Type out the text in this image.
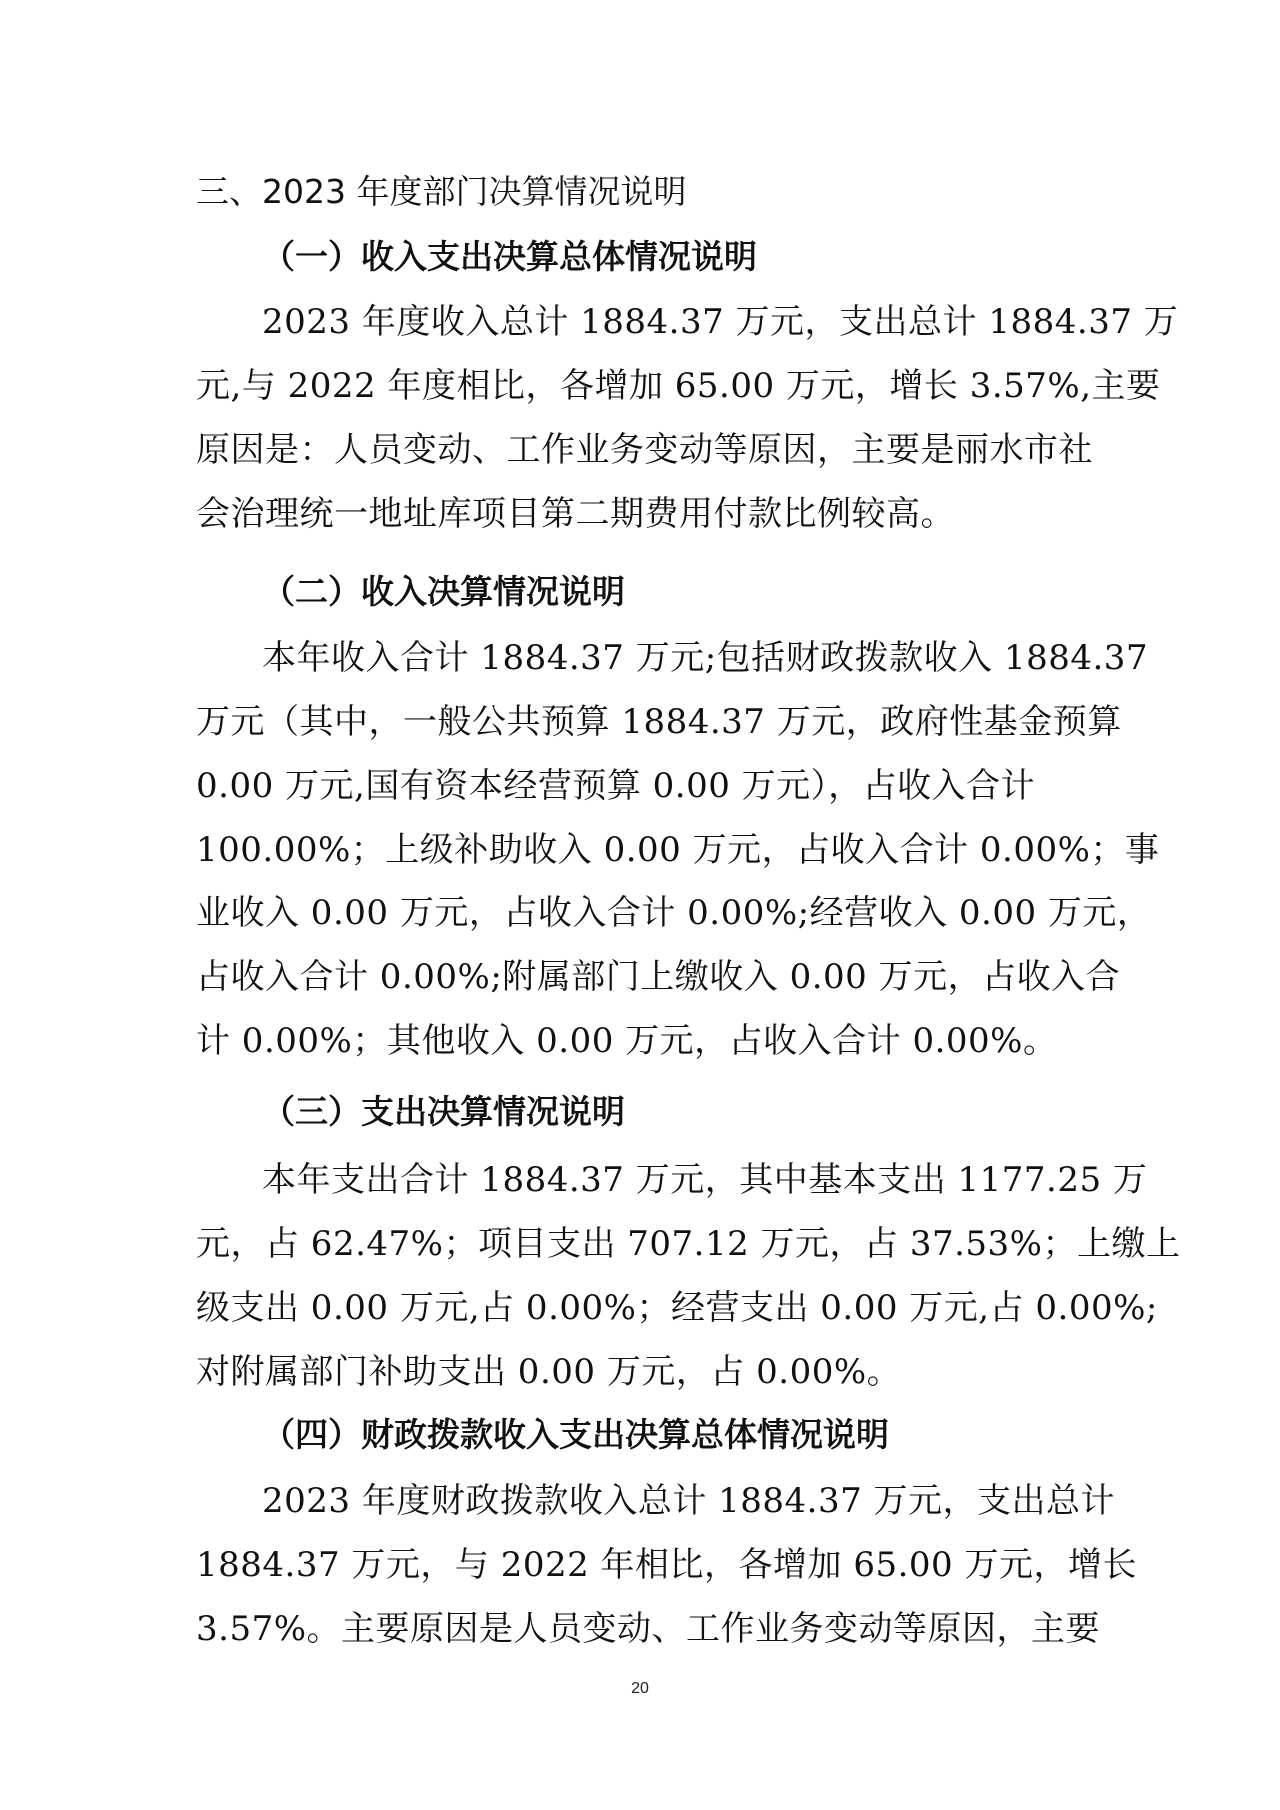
三、2023 年度部门决算情况说明
（一）收入支出决算总体情况说明
2023 年度收入总计 1884.37 万元，支出总计 1884.37 万
元,与 2022 年度相比，各增加 65.00 万元，增长 3.57%,主要
原因是：人员变动、工作业务变动等原因，主要是丽水市社
会治理统一地址库项目第二期费用付款比例较高。
（二）收入决算情况说明
本年收入合计 1884.37 万元;包括财政拨款收入 1884.37
万元（其中，一般公共预算 1884.37 万元，政府性基金预算
0.00 万元,国有资本经营预算 0.00 万元），占收入合计
100.00%；上级补助收入 0.00 万元，占收入合计 0.00%；事
业收入 0.00 万元，占收入合计 0.00%;经营收入 0.00 万元，
占收入合计 0.00%;附属部门上缴收入 0.00 万元，占收入合
计 0.00%；其他收入 0.00 万元，占收入合计 0.00%。
（三）支出决算情况说明
本年支出合计 1884.37 万元，其中基本支出 1177.25 万
元，占 62.47%；项目支出 707.12 万元，占 37.53%；上缴上
级支出 0.00 万元,占 0.00%；经营支出 0.00 万元,占 0.00%;
对附属部门补助支出 0.00 万元，占 0.00%。
（四）财政拨款收入支出决算总体情况说明
2023 年度财政拨款收入总计 1884.37 万元，支出总计
1884.37 万元，与 2022 年相比，各增加 65.00 万元，增长
3.57%。主要原因是人员变动、工作业务变动等原因，主要
20
